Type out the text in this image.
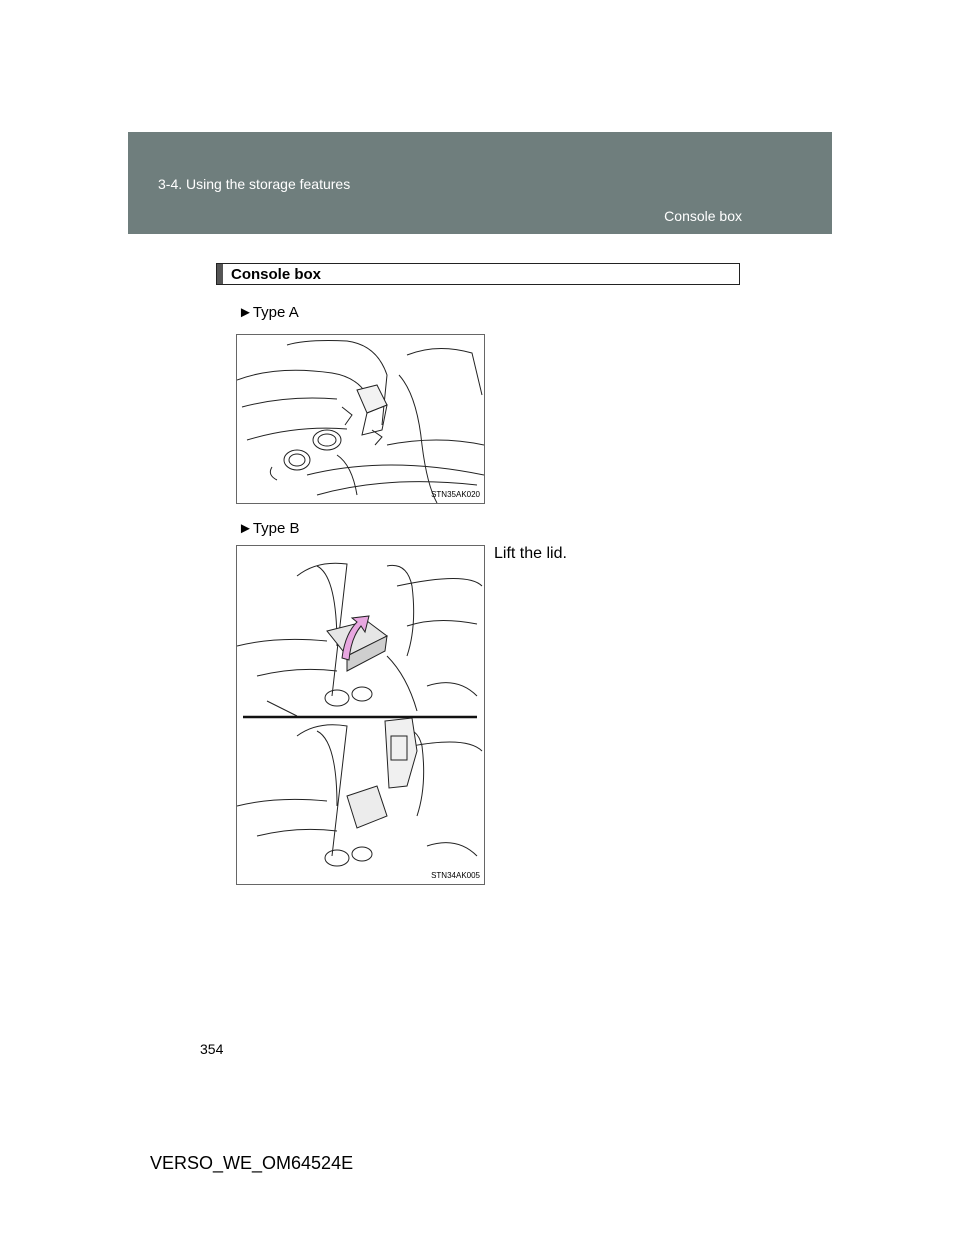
3-4. Using the storage features
Console box
Console box
►Type A
STN35AK020
►Type B
Lift the lid.
STN34AK005
354
VERSO_WE_OM64524E
